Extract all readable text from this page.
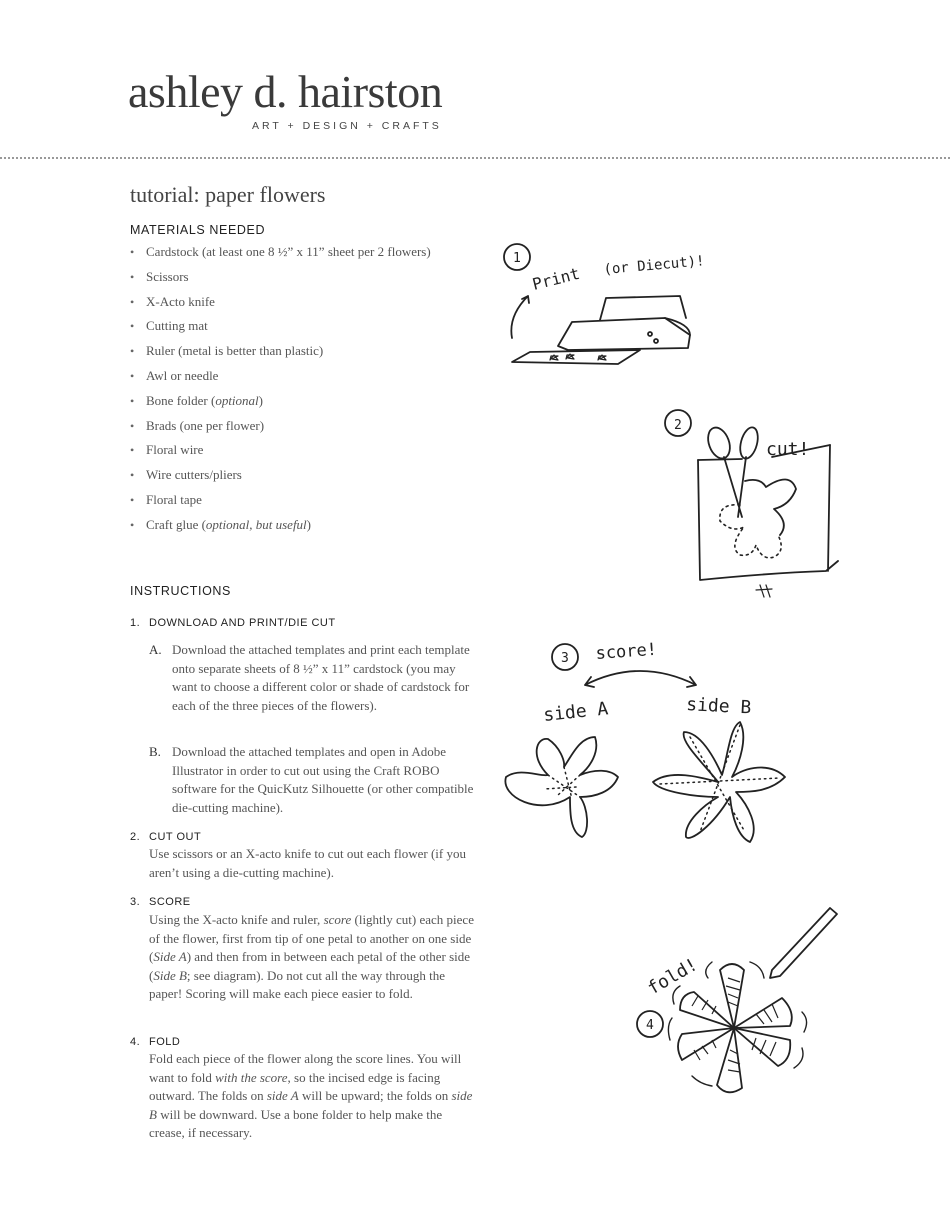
ashley d. hairston
ART + DESIGN + CRAFTS
tutorial: paper flowers
MATERIALS NEEDED
• Cardstock (at least one 8 ½” x 11” sheet per 2 flowers)
• Scissors
• X-Acto knife
• Cutting mat
• Ruler (metal is better than plastic)
• Awl or needle
• Bone folder (optional)
• Brads (one per flower)
• Floral wire
• Wire cutters/pliers
• Floral tape
• Craft glue (optional, but useful)
INSTRUCTIONS
1. DOWNLOAD AND PRINT/DIE CUT
A. Download the attached templates and print each template onto separate sheets of 8 ½” x 11” cardstock (you may want to choose a different color or shade of cardstock for each of the three pieces of the flowers).
B. Download the attached templates and open in Adobe Illustrator in order to cut out using the Craft ROBO software for the QuicKutz Silhouette (or other compatible die-cutting machine).
2. CUT OUT

Use scissors or an X-acto knife to cut out each flower (if you aren’t using a die-cutting machine).

3. SCORE

Using the X-acto knife and ruler, score (lightly cut) each piece of the flower, first from tip of one petal to another on one side (Side A) and then from in between each petal of the other side (Side B; see diagram). Do not cut all the way through the paper! Scoring will make each piece easier to fold.

4. FOLD

Fold each piece of the flower along the score lines. You will want to fold with the score, so the incised edge is facing outward. The folds on side A will be upward; the folds on side B will be downward. Use a bone folder to help make the crease, if necessary.

1
Print (or Diecut)!
2
cut!
3 score!
side A	side B
4
fold!
